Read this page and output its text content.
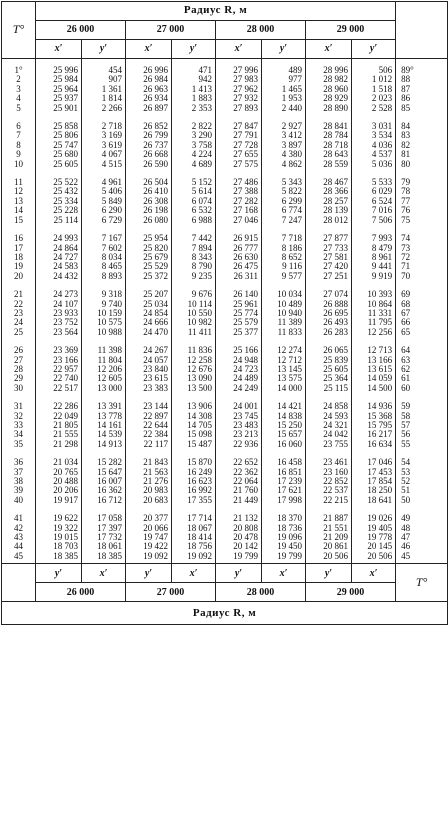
T°	Радиус R, м								
	26 000		27 000		28 000		29 000		
	x′	y′	x′	y′	x′	y′	x′	y′	
1°	25 996	454	26 996	471	27 996	489	28 996	506	89°
2	25 984	907	26 984	942	27 983	977	28 982	1 012	88
3	25 964	1 361	26 963	1 413	27 962	1 465	28 960	1 518	87
4	25 937	1 814	26 934	1 883	27 932	1 953	28 929	2 023	86
5	25 901	2 266	26 897	2 353	27 893	2 440	28 890	2 528	85
6	25 858	2 718	26 852	2 822	27 847	2 927	28 841	3 031	84
7	25 806	3 169	26 799	3 290	27 791	3 412	28 784	3 534	83
8	25 747	3 619	26 737	3 758	27 728	3 897	28 718	4 036	82
9	25 680	4 067	26 668	4 224	27 655	4 380	28 643	4 537	81
10	25 605	4 515	26 590	4 689	27 575	4 862	28 559	5 036	80
11	25 522	4 961	26 504	5 152	27 486	5 343	28 467	5 533	79
12	25 432	5 406	26 410	5 614	27 388	5 822	28 366	6 029	78
13	25 334	5 849	26 308	6 074	27 282	6 299	28 257	6 524	77
14	25 228	6 290	26 198	6 532	27 168	6 774	28 139	7 016	76
15	25 114	6 729	26 080	6 988	27 046	7 247	28 012	7 506	75
16	24 993	7 167	25 954	7 442	26 915	7 718	27 877	7 993	74
17	24 864	7 602	25 820	7 894	26 777	8 186	27 733	8 479	73
18	24 727	8 034	25 679	8 343	26 630	8 652	27 581	8 961	72
19	24 583	8 465	25 529	8 790	26 475	9 116	27 420	9 441	71
20	24 432	8 893	25 372	9 235	26 311	9 577	27 251	9 919	70
21	24 273	9 318	25 207	9 676	26 140	10 034	27 074	10 393	69
22	24 107	9 740	25 034	10 114	25 961	10 489	26 888	10 864	68
23	23 933	10 159	24 854	10 550	25 774	10 940	26 695	11 331	67
24	23 752	10 575	24 666	10 982	25 579	11 389	26 493	11 795	66
25	23 564	10 988	24 470	11 411	25 377	11 833	26 283	12 256	65
26	23 369	11 398	24 267	11 836	25 166	12 274	26 065	12 713	64
27	23 166	11 804	24 057	12 258	24 948	12 712	25 839	13 166	63
28	22 957	12 206	23 840	12 676	24 723	13 145	25 605	13 615	62
29	22 740	12 605	23 615	13 090	24 489	13 575	25 364	14 059	61
30	22 517	13 000	23 383	13 500	24 249	14 000	25 115	14 500	60
31	22 286	13 391	23 144	13 906	24 001	14 421	24 858	14 936	59
32	22 049	13 778	22 897	14 308	23 745	14 838	24 593	15 368	58
33	21 805	14 161	22 644	14 705	23 483	15 250	24 321	15 795	57
34	21 555	14 539	22 384	15 098	23 213	15 657	24 042	16 217	56
35	21 298	14 913	22 117	15 487	22 936	16 060	23 755	16 634	55
36	21 034	15 282	21 843	15 870	22 652	16 458	23 461	17 046	54
37	20 765	15 647	21 563	16 249	22 362	16 851	23 160	17 453	53
38	20 488	16 007	21 276	16 623	22 064	17 239	22 852	17 854	52
39	20 206	16 362	20 983	16 992	21 760	17 621	22 537	18 250	51
40	19 917	16 712	20 683	17 355	21 449	17 998	22 215	18 641	50
41	19 622	17 058	20 377	17 714	21 132	18 370	21 887	19 026	49
42	19 322	17 397	20 066	18 067	20 808	18 736	21 551	19 405	48
43	19 015	17 732	19 747	18 414	20 478	19 096	21 209	19 778	47
44	18 703	18 061	19 422	18 756	20 142	19 450	20 861	20 145	46
45	18 385	18 385	19 092	19 092	19 799	19 799	20 506	20 506	45
	y′	x′	y′	x′	y′	x′	y′	x′	T°
	26 000		27 000		28 000		29 000		
Радиус R, м									
